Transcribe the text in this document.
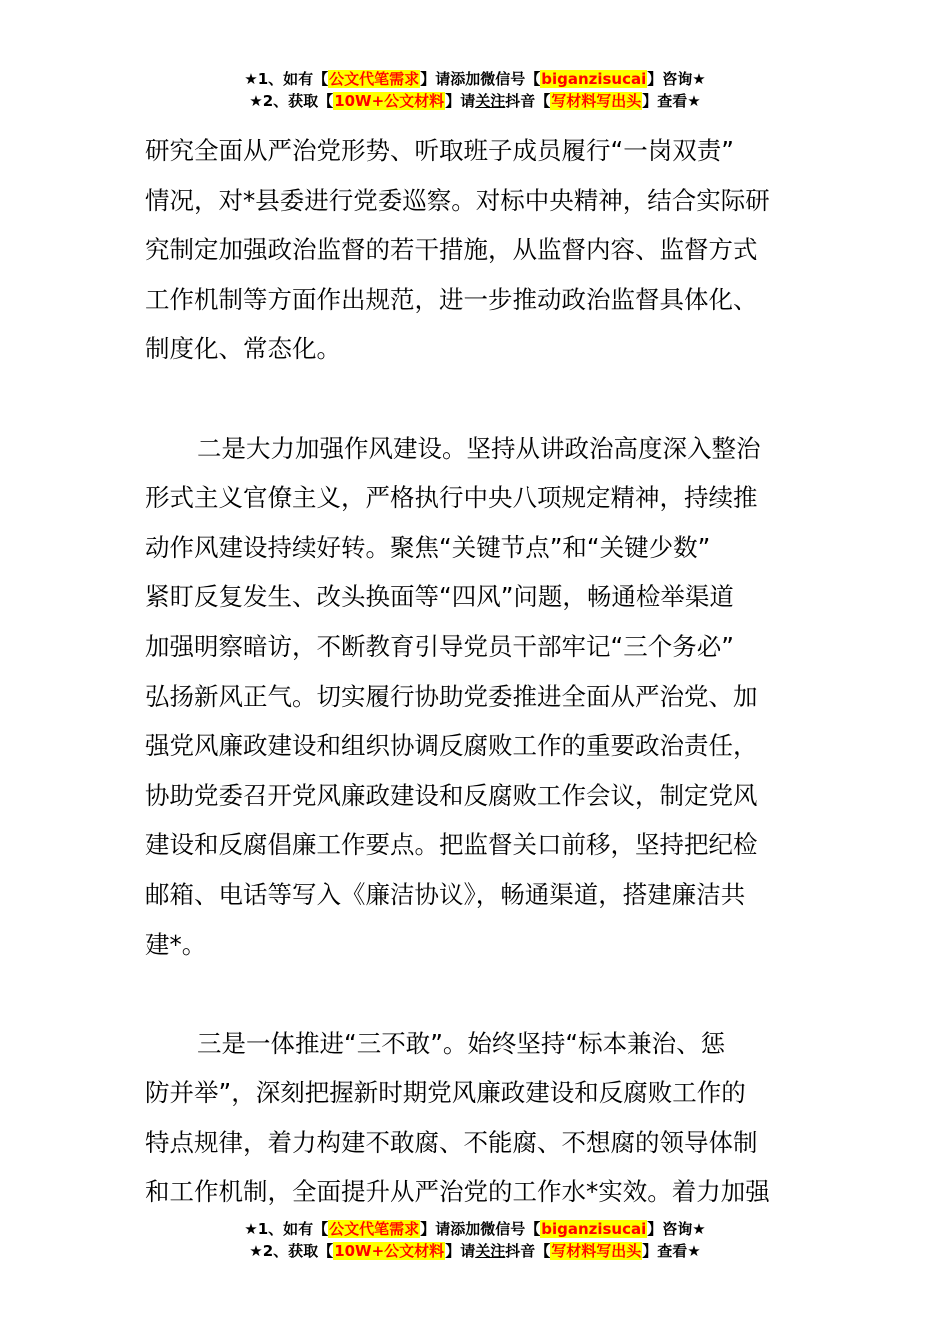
★1、如有【公文代笔需求】请添加微信号【biganzisucai】咨询★
★2、获取【10W+公文材料】请关注抖音【写材料写出头】查看★
研究全面从严治党形势、听取班子成员履行“一岗双责”
情况，对*县委进行党委巡察。对标中央精神，结合实际研
究制定加强政治监督的若干措施，从监督内容、监督方式
工作机制等方面作出规范，进一步推动政治监督具体化、
制度化、常态化。
二是大力加强作风建设。坚持从讲政治高度深入整治
形式主义官僚主义，严格执行中央八项规定精神，持续推
动作风建设持续好转。聚焦“关键节点”和“关键少数”
紧盯反复发生、改头换面等“四风”问题，畅通检举渠道
加强明察暗访，不断教育引导党员干部牢记“三个务必”
弘扬新风正气。切实履行协助党委推进全面从严治党、加
强党风廉政建设和组织协调反腐败工作的重要政治责任，
协助党委召开党风廉政建设和反腐败工作会议，制定党风
建设和反腐倡廉工作要点。把监督关口前移，坚持把纪检
邮箱、电话等写入《廉洁协议》，畅通渠道，搭建廉洁共
建*。
三是一体推进“三不敢”。始终坚持“标本兼治、惩
防并举”，深刻把握新时期党风廉政建设和反腐败工作的
特点规律，着力构建不敢腐、不能腐、不想腐的领导体制
和工作机制，全面提升从严治党的工作水*实效。着力加强
★1、如有【公文代笔需求】请添加微信号【biganzisucai】咨询★
★2、获取【10W+公文材料】请关注抖音【写材料写出头】查看★
